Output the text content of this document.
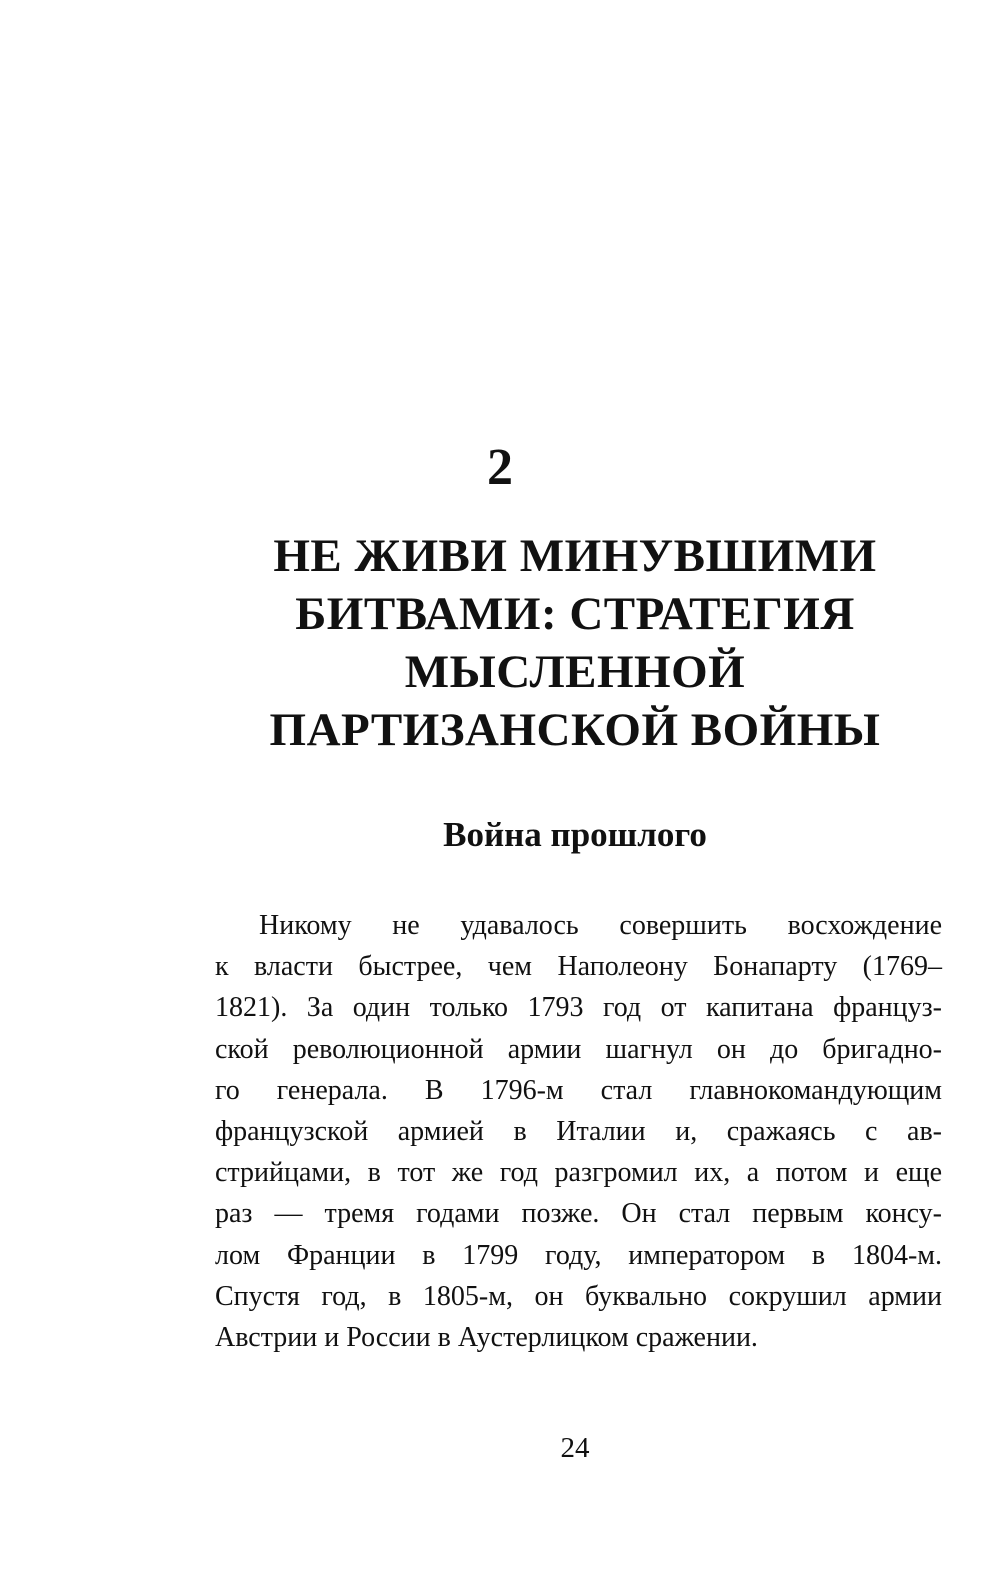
2
НЕ ЖИВИ МИНУВШИМИ
БИТВАМИ: СТРАТЕГИЯ
МЫСЛЕННОЙ
ПАРТИЗАНСКОЙ ВОЙНЫ
Война прошлого

Никому не удавалось совершить восхождение
к власти быстрее, чем Наполеону Бонапарту (1769–
1821). За один только 1793 год от капитана француз-
ской революционной армии шагнул он до бригадно-
го генерала. В 1796-м стал главнокомандующим
французской армией в Италии и, сражаясь с ав-
стрийцами, в тот же год разгромил их, а потом и еще
раз — тремя годами позже. Он стал первым консу-
лом Франции в 1799 году, императором в 1804-м.
Спустя год, в 1805-м, он буквально сокрушил армии
Австрии и России в Аустерлицком сражении.

24
